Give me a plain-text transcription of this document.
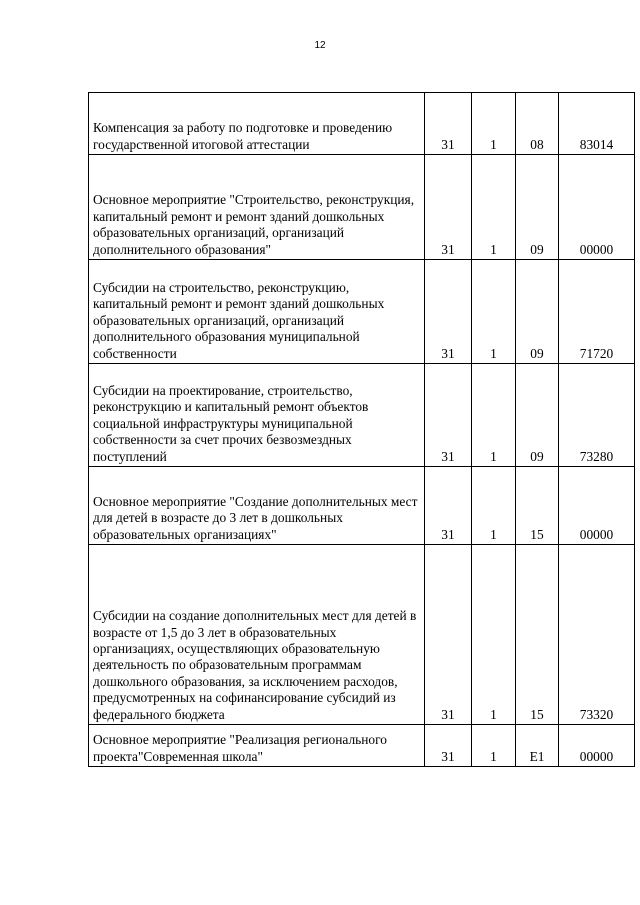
12
Компенсация за работу по подготовке и проведению государственной итоговой аттестации	31	1	08	83014
Основное мероприятие "Строительство, реконструкция, капитальный ремонт и ремонт зданий дошкольных образовательных организаций, организаций дополнительного образования"	31	1	09	00000
Субсидии на строительство, реконструкцию, капитальный ремонт и ремонт зданий дошкольных образовательных организаций, организаций дополнительного образования муниципальной собственности	31	1	09	71720
Субсидии на проектирование, строительство, реконструкцию и капитальный ремонт объектов социальной инфраструктуры муниципальной собственности за счет прочих безвозмездных поступлений	31	1	09	73280
Основное мероприятие "Создание дополнительных мест для детей в возрасте до 3 лет в дошкольных образовательных организациях"	31	1	15	00000
Субсидии на создание дополнительных мест для детей в возрасте от 1,5 до 3 лет в образовательных организациях, осуществляющих образовательную деятельность по образовательным программам дошкольного образования, за исключением расходов, предусмотренных на софинансирование субсидий из федерального бюджета	31	1	15	73320
Основное мероприятие "Реализация регионального проекта"Современная школа"	31	1	E1	00000
